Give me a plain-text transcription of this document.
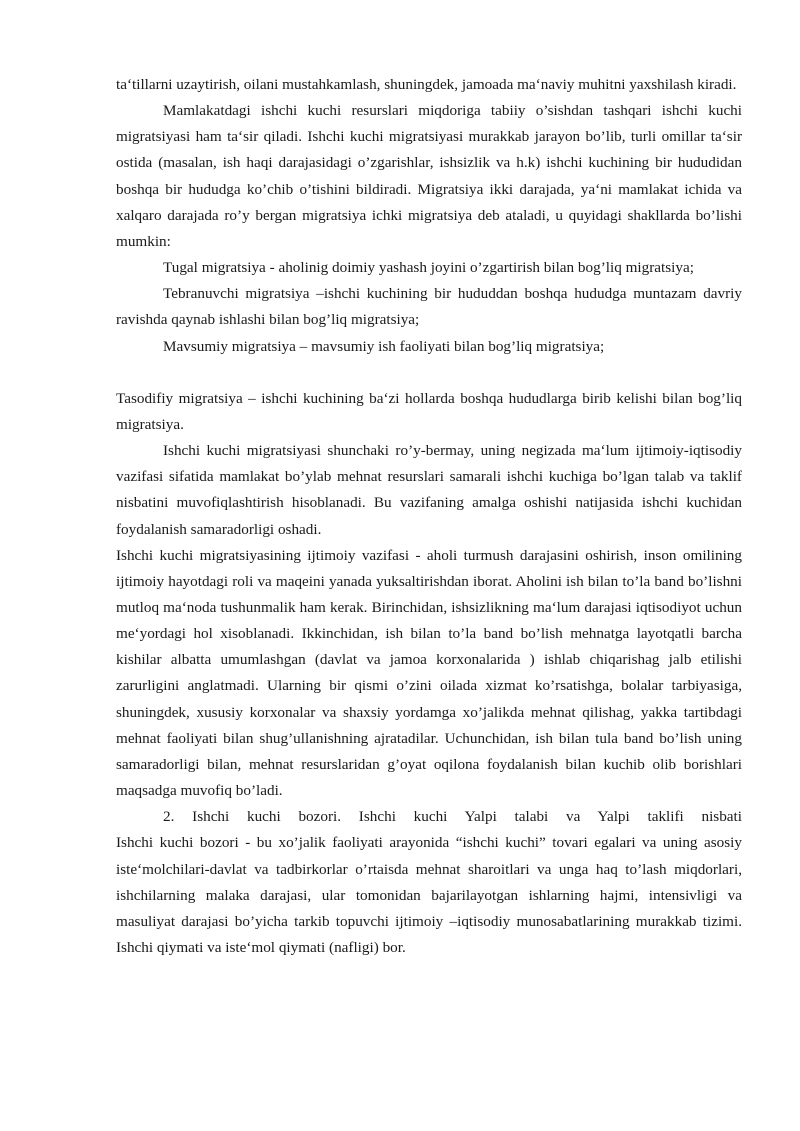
ta‘tillarni uzaytirish, oilani mustahkamlash, shuningdek, jamoada ma‘naviy muhitni yaxshilash kiradi.

Mamlakatdagi ishchi kuchi resurslari miqdoriga tabiiy o’sishdan tashqari ishchi kuchi migratsiyasi ham ta‘sir qiladi. Ishchi kuchi migratsiyasi murakkab jarayon bo’lib, turli omillar ta‘sir ostida (masalan, ish haqi darajasidagi o’zgarishlar, ishsizlik va h.k) ishchi kuchining bir hududidan boshqa bir hududga ko’chib o’tishini bildiradi. Migratsiya ikki darajada, ya‘ni mamlakat ichida va xalqaro darajada ro’y bergan migratsiya ichki migratsiya deb ataladi, u quyidagi shakllarda bo’lishi mumkin:

Tugal migratsiya - aholinig doimiy yashash joyini o’zgartirish bilan bog’liq migratsiya;

Tebranuvchi migratsiya –ishchi kuchining bir hududdan boshqa hududga muntazam davriy ravishda qaynab ishlashi bilan bog’liq migratsiya;

Mavsumiy migratsiya – mavsumiy ish faoliyati bilan bog’liq migratsiya;

Tasodifiy migratsiya – ishchi kuchining ba‘zi hollarda boshqa hududlarga birib kelishi bilan bog’liq migratsiya.

Ishchi kuchi migratsiyasi shunchaki ro’y-bermay, uning negizada ma‘lum ijtimoiy-iqtisodiy vazifasi sifatida mamlakat bo’ylab mehnat resurslari samarali ishchi kuchiga bo’lgan talab va taklif nisbatini muvofiqlashtirish hisoblanadi. Bu vazifaning amalga oshishi natijasida ishchi kuchidan foydalanish samaradorligi oshadi.

Ishchi kuchi migratsiyasining ijtimoiy vazifasi - aholi turmush darajasini oshirish, inson omilining ijtimoiy hayotdagi roli va maqeini yanada yuksaltirishdan iborat. Aholini ish bilan to’la band bo’lishni mutloq ma‘noda tushunmalik ham kerak. Birinchidan, ishsizlikning ma‘lum darajasi iqtisodiyot uchun me‘yordagi hol xisoblanadi. Ikkinchidan, ish bilan to’la band bo’lish mehnatga layotqatli barcha kishilar albatta umumlashgan (davlat va jamoa korxonalarida ) ishlab chiqarishag jalb etilishi zarurligini anglatmadi. Ularning bir qismi o’zini oilada xizmat ko’rsatishga, bolalar tarbiyasiga, shuningdek, xususiy korxonalar va shaxsiy yordamga xo’jalikda mehnat qilishag, yakka tartibdagi mehnat faoliyati bilan shug’ullanishning ajratadilar. Uchunchidan, ish bilan tula band bo’lish uning samaradorligi bilan, mehnat resurslaridan g’oyat oqilona foydalanish bilan kuchib olib borishlari maqsadga muvofiq bo’ladi.

2. Ishchi kuchi bozori. Ishchi kuchi Yalpi talabi va Yalpi taklifi nisbati

Ishchi kuchi bozori - bu xo’jalik faoliyati arayonida “ishchi kuchi” tovari egalari va uning asosiy iste‘molchilari-davlat va tadbirkorlar o’rtaisda mehnat sharoitlari va unga haq to’lash miqdorlari, ishchilarning malaka darajasi, ular tomonidan bajarilayotgan ishlarning hajmi, intensivligi va masuliyat darajasi bo’yicha tarkib topuvchi ijtimoiy –iqtisodiy munosabatlarining murakkab tizimi. Ishchi qiymati va iste‘mol qiymati (nafligi) bor.
